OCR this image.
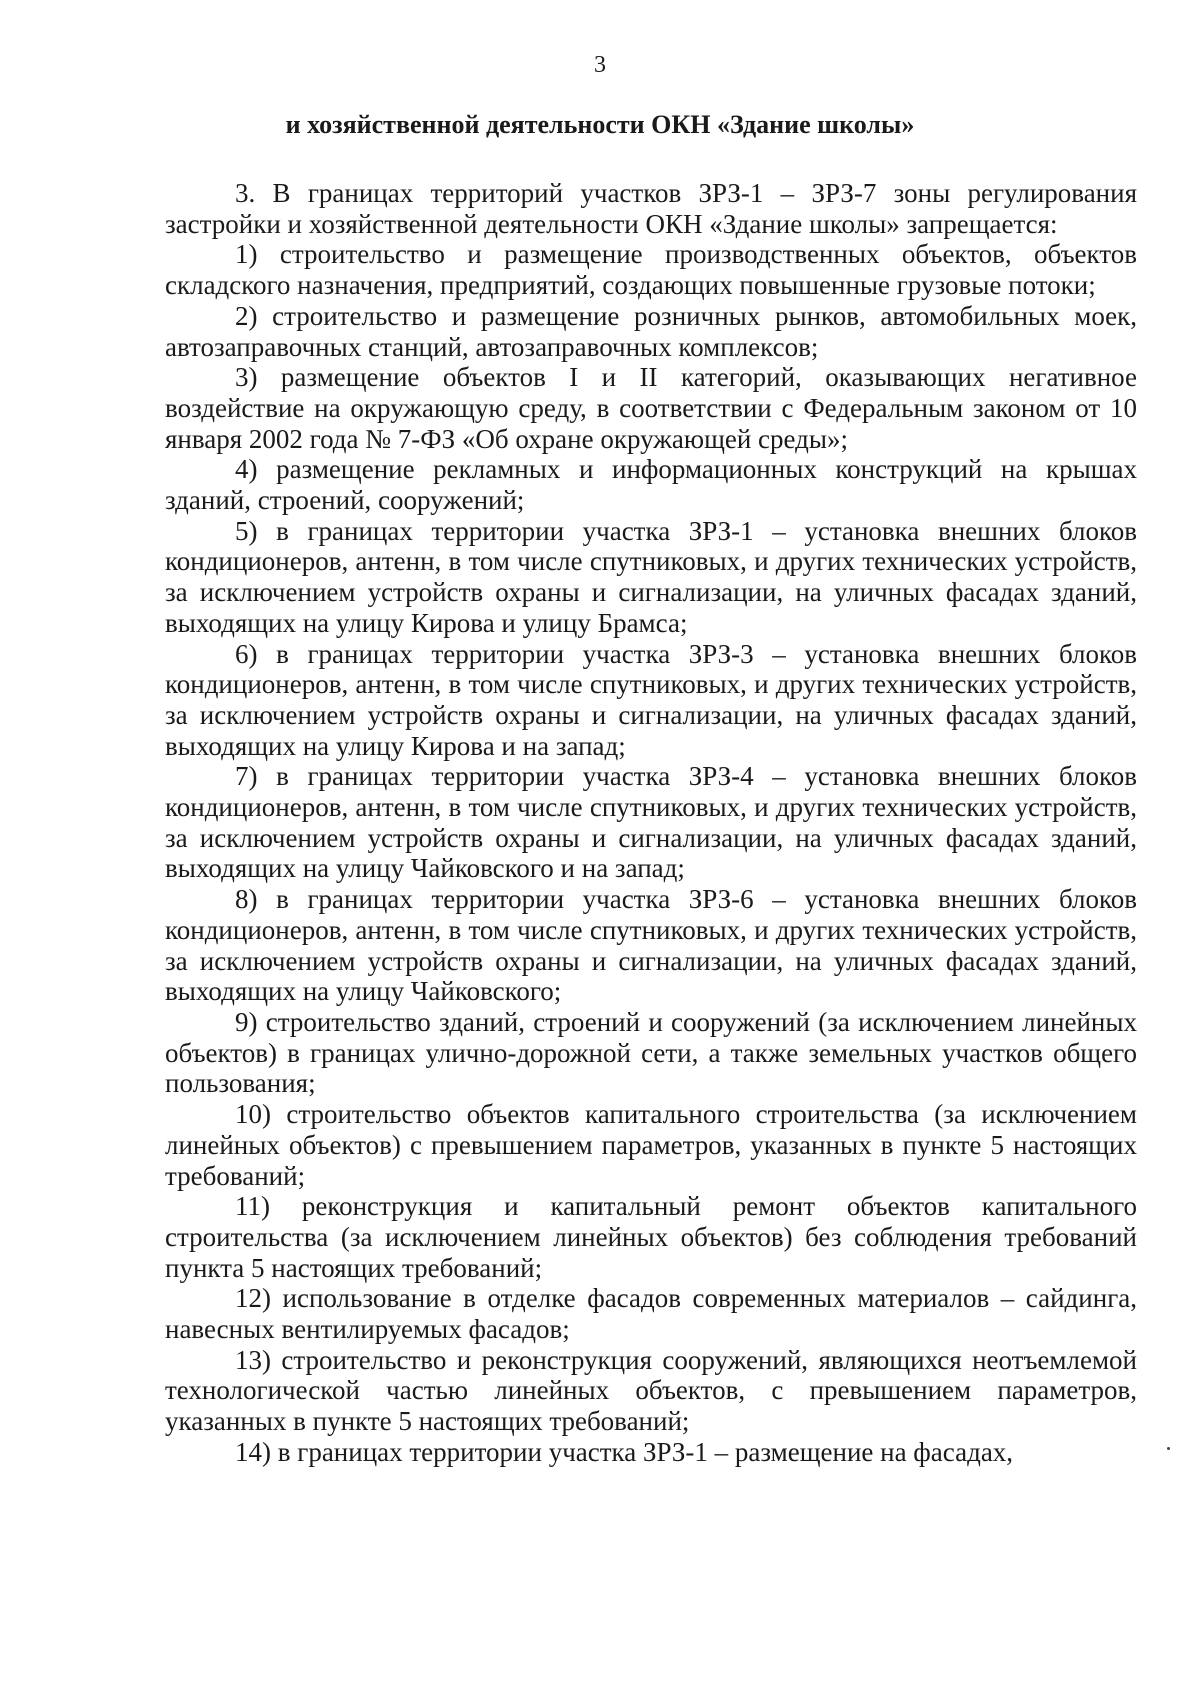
3
и хозяйственной деятельности ОКН «Здание школы»

3. В границах территорий участков ЗРЗ-1 – ЗРЗ-7 зоны регулирования застройки и хозяйственной деятельности ОКН «Здание школы» запрещается:

1) строительство и размещение производственных объектов, объектов складского назначения, предприятий, создающих повышенные грузовые потоки;

2) строительство и размещение розничных рынков, автомобильных моек, автозаправочных станций, автозаправочных комплексов;

3) размещение объектов I и II категорий, оказывающих негативное воздействие на окружающую среду, в соответствии с Федеральным законом от 10 января 2002 года № 7-ФЗ «Об охране окружающей среды»;

4) размещение рекламных и информационных конструкций на крышах зданий, строений, сооружений;

5) в границах территории участка ЗРЗ-1 – установка внешних блоков кондиционеров, антенн, в том числе спутниковых, и других технических устройств, за исключением устройств охраны и сигнализации, на уличных фасадах зданий, выходящих на улицу Кирова и улицу Брамса;

6) в границах территории участка ЗРЗ-3 – установка внешних блоков кондиционеров, антенн, в том числе спутниковых, и других технических устройств, за исключением устройств охраны и сигнализации, на уличных фасадах зданий, выходящих на улицу Кирова и на запад;

7) в границах территории участка ЗРЗ-4 – установка внешних блоков кондиционеров, антенн, в том числе спутниковых, и других технических устройств, за исключением устройств охраны и сигнализации, на уличных фасадах зданий, выходящих на улицу Чайковского и на запад;

8) в границах территории участка ЗРЗ-6 – установка внешних блоков кондиционеров, антенн, в том числе спутниковых, и других технических устройств, за исключением устройств охраны и сигнализации, на уличных фасадах зданий, выходящих на улицу Чайковского;

9) строительство зданий, строений и сооружений (за исключением линейных объектов) в границах улично-дорожной сети, а также земельных участков общего пользования;

10) строительство объектов капитального строительства (за исключением линейных объектов) с превышением параметров, указанных в пункте 5 настоящих требований;

11) реконструкция и капитальный ремонт объектов капитального строительства (за исключением линейных объектов) без соблюдения требований пункта 5 настоящих требований;

12) использование в отделке фасадов современных материалов – сайдинга, навесных вентилируемых фасадов;

13) строительство и реконструкция сооружений, являющихся неотъемлемой технологической частью линейных объектов, с превышением параметров, указанных в пункте 5 настоящих требований;

14) в границах территории участка ЗРЗ-1 – размещение на фасадах,
